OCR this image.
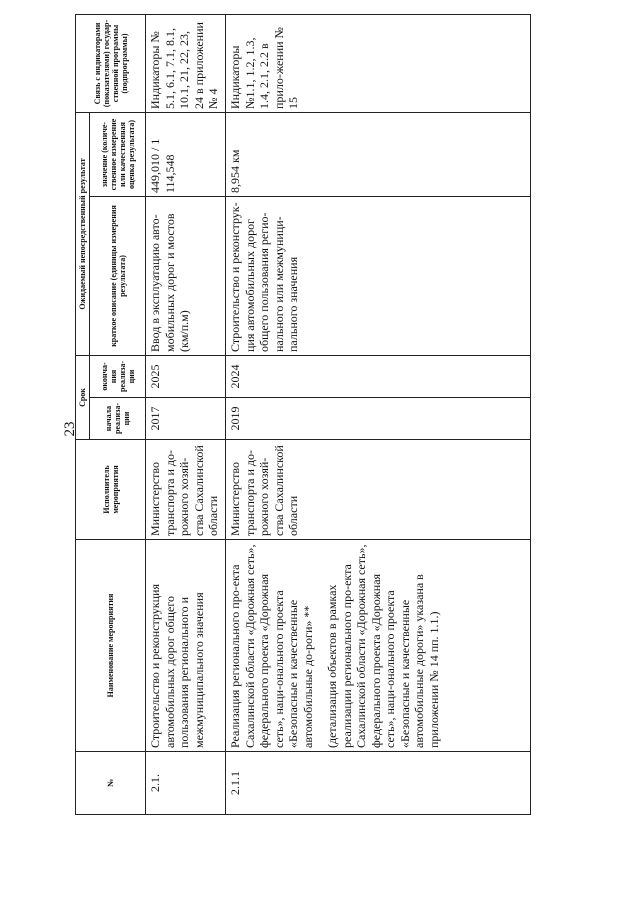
23
№	Наименование мероприятия	Исполнитель мероприятия	Срок		Ожидаемый непосредственный результат		Связь с индикаторами (показателями) государ-ственной программы (подпрограммы)
			начала реализа-ции	оконча-ния реализа-ции	краткое описание (единицы измерения результата)	значение (количе-ственное измерение или качественная оценка результата)	
2.1.	Строительство и реконструкция автомобильных дорог общего пользования регионального и межмуниципального значения	Министерство транспорта и до-рожного хозяй-ства Сахалинской области	2017	2025	Ввод в эксплуатацию авто-мобильных дорог и мостов (км/п.м)	449,010 / 1 114,548	Индикаторы № 5.1, 6.1, 7.1, 8.1, 10.1, 21, 22, 23, 24 в приложении № 4
2.1.1	Реализация регионального про-екта Сахалинской области «Дорожная сеть», федерального проекта «Дорожная сеть», наци-онального проекта «Безопасные и качественные автомобильные до-роги» ** (детализация объектов в рамках реализации регионального про-екта Сахалинской области «Дорожная сеть», федерального проекта «Дорожная сеть», наци-онального проекта «Безопасные и качественные автомобильные дороги» указана в приложении № 14 пп. 1.1.)	Министерство транспорта и до-рожного хозяй-ства Сахалинской области	2019	2024	Строительство и реконструк-ция автомобильных дорог общего пользования регио-нального или межмуници-пального значения	8,954 км	Индикаторы №1.1, 1.2, 1.3, 1.4, 2.1, 2.2 в прило-жении № 15
